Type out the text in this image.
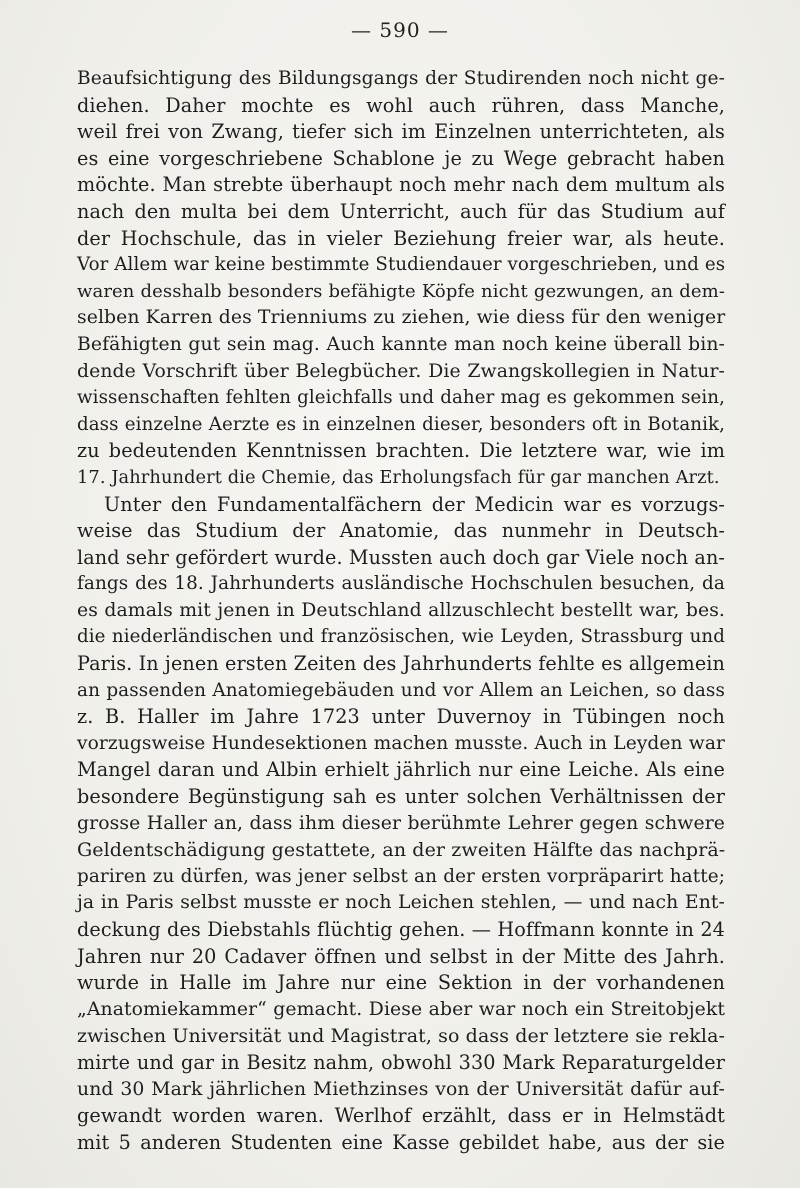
— 590 —
Beaufsichtigung des Bildungsgangs der Studirenden noch nicht ge-
diehen. Daher mochte es wohl auch rühren, dass Manche,
weil frei von Zwang, tiefer sich im Einzelnen unterrichteten, als
es eine vorgeschriebene Schablone je zu Wege gebracht haben
möchte. Man strebte überhaupt noch mehr nach dem multum als
nach den multa bei dem Unterricht, auch für das Studium auf
der Hochschule, das in vieler Beziehung freier war, als heute.
Vor Allem war keine bestimmte Studiendauer vorgeschrieben, und es
waren desshalb besonders befähigte Köpfe nicht gezwungen, an dem-
selben Karren des Trienniums zu ziehen, wie diess für den weniger
Befähigten gut sein mag. Auch kannte man noch keine überall bin-
dende Vorschrift über Belegbücher. Die Zwangskollegien in Natur-
wissenschaften fehlten gleichfalls und daher mag es gekommen sein,
dass einzelne Aerzte es in einzelnen dieser, besonders oft in Botanik,
zu bedeutenden Kenntnissen brachten. Die letztere war, wie im
17. Jahrhundert die Chemie, das Erholungsfach für gar manchen Arzt.
Unter den Fundamentalfächern der Medicin war es vorzugs-
weise das Studium der Anatomie, das nunmehr in Deutsch-
land sehr gefördert wurde. Mussten auch doch gar Viele noch an-
fangs des 18. Jahrhunderts ausländische Hochschulen besuchen, da
es damals mit jenen in Deutschland allzuschlecht bestellt war, bes.
die niederländischen und französischen, wie Leyden, Strassburg und
Paris. In jenen ersten Zeiten des Jahrhunderts fehlte es allgemein
an passenden Anatomiegebäuden und vor Allem an Leichen, so dass
z. B. Haller im Jahre 1723 unter Duvernoy in Tübingen noch
vorzugsweise Hundesektionen machen musste. Auch in Leyden war
Mangel daran und Albin erhielt jährlich nur eine Leiche. Als eine
besondere Begünstigung sah es unter solchen Verhältnissen der
grosse Haller an, dass ihm dieser berühmte Lehrer gegen schwere
Geldentschädigung gestattete, an der zweiten Hälfte das nachprä-
pariren zu dürfen, was jener selbst an der ersten vorpräparirt hatte;
ja in Paris selbst musste er noch Leichen stehlen, — und nach Ent-
deckung des Diebstahls flüchtig gehen. — Hoffmann konnte in 24
Jahren nur 20 Cadaver öffnen und selbst in der Mitte des Jahrh.
wurde in Halle im Jahre nur eine Sektion in der vorhandenen
„Anatomiekammer“ gemacht. Diese aber war noch ein Streitobjekt
zwischen Universität und Magistrat, so dass der letztere sie rekla-
mirte und gar in Besitz nahm, obwohl 330 Mark Reparaturgelder
und 30 Mark jährlichen Miethzinses von der Universität dafür auf-
gewandt worden waren. Werlhof erzählt, dass er in Helmstädt
mit 5 anderen Studenten eine Kasse gebildet habe, aus der sie
